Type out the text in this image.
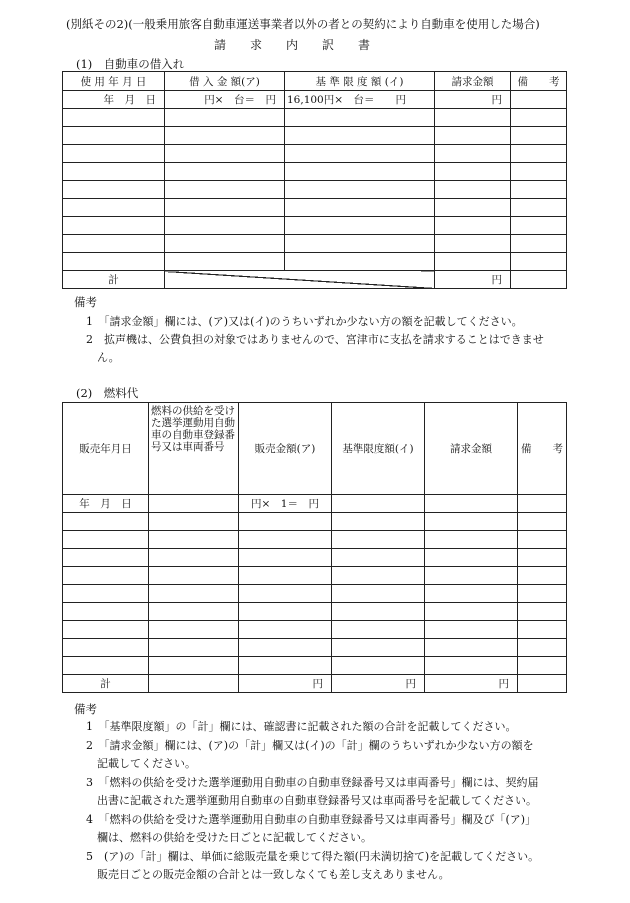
(別紙その2)(一般乗用旅客自動車運送事業者以外の者との契約により自動車を使用した場合)
請　　求　　内　　訳　　書
(1)　自動車の借入れ
使 用 年 月 日	借 入 金 額(ア)	基 準 限 度 額 (イ)	請求金額	備　　考
年　月　日	円×　台＝　円	16,100円×　台＝　　円	円	

計			円	
備考
1　「請求金額」欄には、(ア)又は(イ)のうちいずれか少ない方の額を記載してください。
2　拡声機は、公費負担の対象ではありませんので、宮津市に支払を請求することはできませ
ん。
(2)　燃料代
販売年月日	燃料の供給を受けた選挙運動用自動車の自動車登録番号又は車両番号	販売金額(ア)	基準限度額(イ)	請求金額	備　　考
年　月　日		円×　1＝　円			

計		円	円	円	
備考
1　「基準限度額」の「計」欄には、確認書に記載された額の合計を記載してください。
2　「請求金額」欄には、(ア)の「計」欄又は(イ)の「計」欄のうちいずれか少ない方の額を
記載してください。
3　「燃料の供給を受けた選挙運動用自動車の自動車登録番号又は車両番号」欄には、契約届
出書に記載された選挙運動用自動車の自動車登録番号又は車両番号を記載してください。
4　「燃料の供給を受けた選挙運動用自動車の自動車登録番号又は車両番号」欄及び「(ア)」
欄は、燃料の供給を受けた日ごとに記載してください。
5　(ア)の「計」欄は、単価に総販売量を乗じて得た額(円未満切捨て)を記載してください。
販売日ごとの販売金額の合計とは一致しなくても差し支えありません。
